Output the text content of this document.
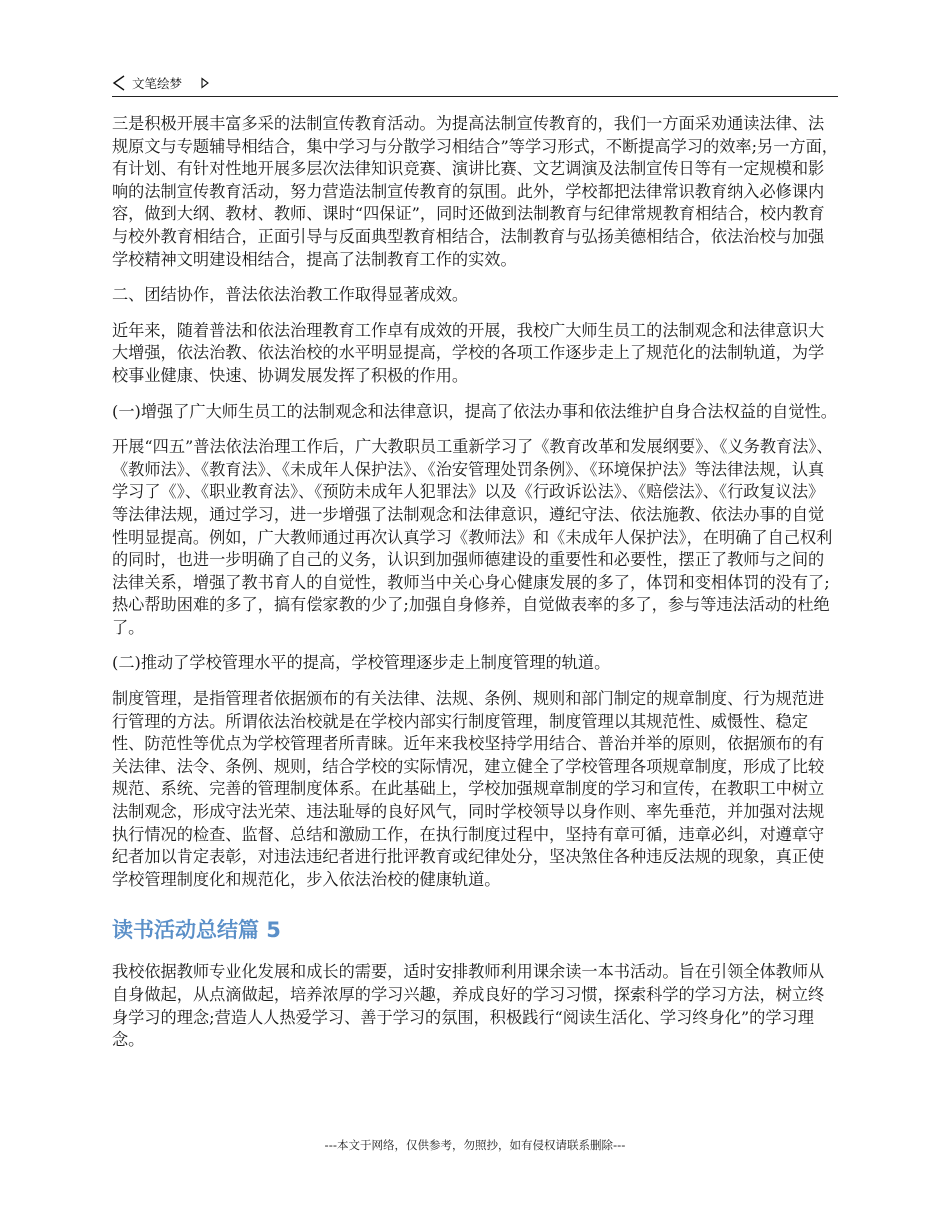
文笔绘梦

三是积极开展丰富多采的法制宣传教育活动。为提高法制宣传教育的，我们一方面采劝通读法律、法规原文与专题辅导相结合，集中学习与分散学习相结合”等学习形式，不断提高学习的效率;另一方面，有计划、有针对性地开展多层次法律知识竞赛、演讲比赛、文艺调演及法制宣传日等有一定规模和影响的法制宣传教育活动，努力营造法制宣传教育的氛围。此外，学校都把法律常识教育纳入必修课内容，做到大纲、教材、教师、课时“四保证”，同时还做到法制教育与纪律常规教育相结合，校内教育与校外教育相结合，正面引导与反面典型教育相结合，法制教育与弘扬美德相结合，依法治校与加强学校精神文明建设相结合，提高了法制教育工作的实效。

二、团结协作，普法依法治教工作取得显著成效。

近年来，随着普法和依法治理教育工作卓有成效的开展，我校广大师生员工的法制观念和法律意识大大增强，依法治教、依法治校的水平明显提高，学校的各项工作逐步走上了规范化的法制轨道，为学校事业健康、快速、协调发展发挥了积极的作用。

(一)增强了广大师生员工的法制观念和法律意识，提高了依法办事和依法维护自身合法权益的自觉性。

开展“四五”普法依法治理工作后，广大教职员工重新学习了《教育改革和发展纲要》、《义务教育法》、《教师法》、《教育法》、《未成年人保护法》、《治安管理处罚条例》、《环境保护法》等法律法规，认真学习了《》、《职业教育法》、《预防未成年人犯罪法》以及《行政诉讼法》、《赔偿法》、《行政复议法》等法律法规，通过学习，进一步增强了法制观念和法律意识，遵纪守法、依法施教、依法办事的自觉性明显提高。例如，广大教师通过再次认真学习《教师法》和《未成年人保护法》，在明确了自己权利的同时，也进一步明确了自己的义务，认识到加强师德建设的重要性和必要性，摆正了教师与之间的法律关系，增强了教书育人的自觉性，教师当中关心身心健康发展的多了，体罚和变相体罚的没有了;热心帮助困难的多了，搞有偿家教的少了;加强自身修养，自觉做表率的多了，参与等违法活动的杜绝了。

(二)推动了学校管理水平的提高，学校管理逐步走上制度管理的轨道。

制度管理，是指管理者依据颁布的有关法律、法规、条例、规则和部门制定的规章制度、行为规范进行管理的方法。所谓依法治校就是在学校内部实行制度管理，制度管理以其规范性、威慑性、稳定性、防范性等优点为学校管理者所青睐。近年来我校坚持学用结合、普治并举的原则，依据颁布的有关法律、法令、条例、规则，结合学校的实际情况，建立健全了学校管理各项规章制度，形成了比较规范、系统、完善的管理制度体系。在此基础上，学校加强规章制度的学习和宣传，在教职工中树立法制观念，形成守法光荣、违法耻辱的良好风气，同时学校领导以身作则、率先垂范，并加强对法规执行情况的检查、监督、总结和激励工作，在执行制度过程中，坚持有章可循，违章必纠，对遵章守纪者加以肯定表彰，对违法违纪者进行批评教育或纪律处分，坚决煞住各种违反法规的现象，真正使学校管理制度化和规范化，步入依法治校的健康轨道。

读书活动总结篇 5

我校依据教师专业化发展和成长的需要，适时安排教师利用课余读一本书活动。旨在引领全体教师从自身做起，从点滴做起，培养浓厚的学习兴趣，养成良好的学习习惯，探索科学的学习方法，树立终身学习的理念;营造人人热爱学习、善于学习的氛围，积极践行“阅读生活化、学习终身化”的学习理念。

---本文于网络，仅供参考，勿照抄，如有侵权请联系删除---
